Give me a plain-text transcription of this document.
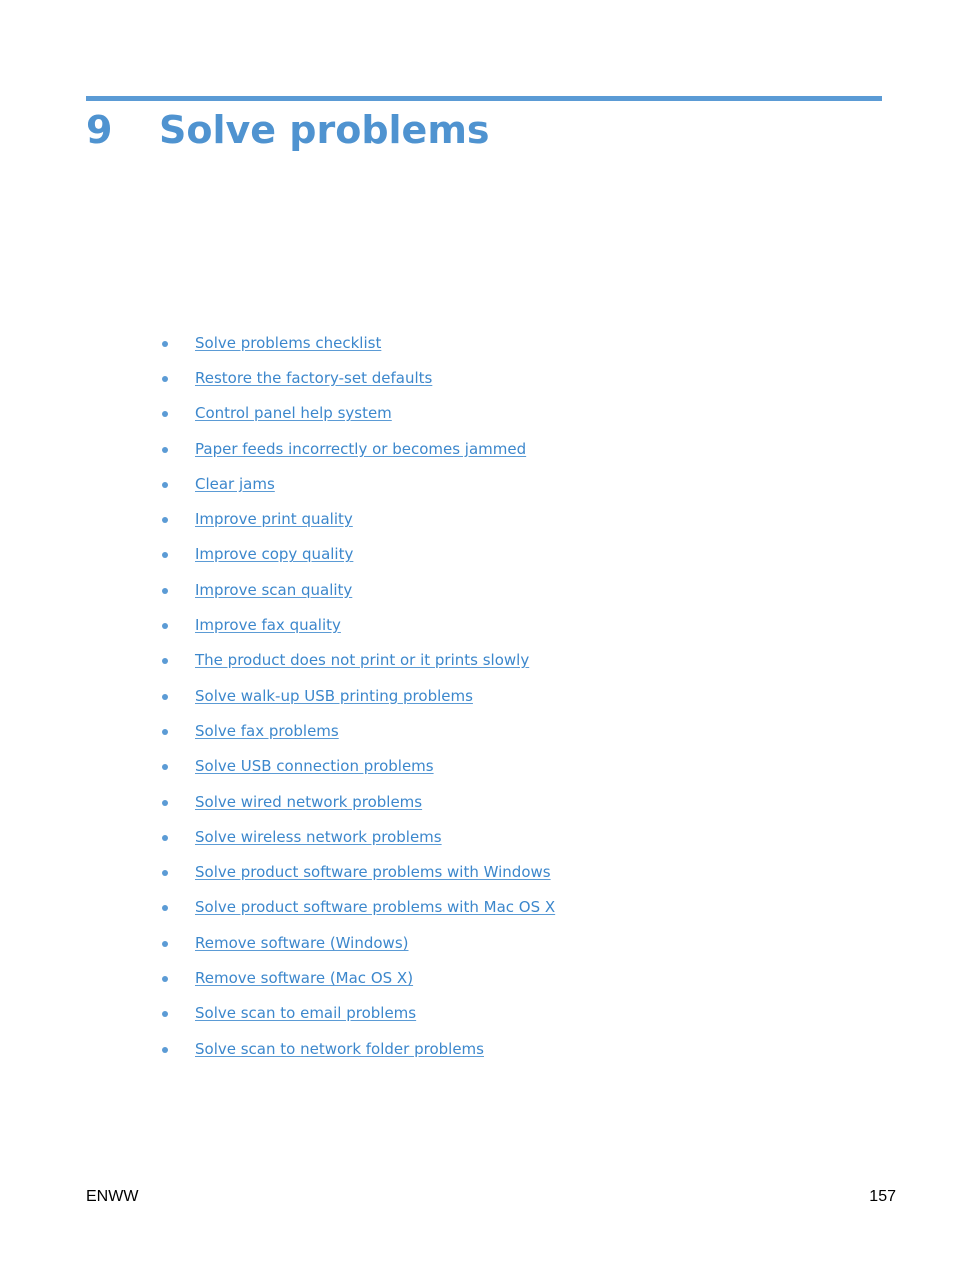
9	Solve problems
Solve problems checklist
Restore the factory-set defaults
Control panel help system
Paper feeds incorrectly or becomes jammed
Clear jams
Improve print quality
Improve copy quality
Improve scan quality
Improve fax quality
The product does not print or it prints slowly
Solve walk-up USB printing problems
Solve fax problems
Solve USB connection problems
Solve wired network problems
Solve wireless network problems
Solve product software problems with Windows
Solve product software problems with Mac OS X
Remove software (Windows)
Remove software (Mac OS X)
Solve scan to email problems
Solve scan to network folder problems
ENWW	157
